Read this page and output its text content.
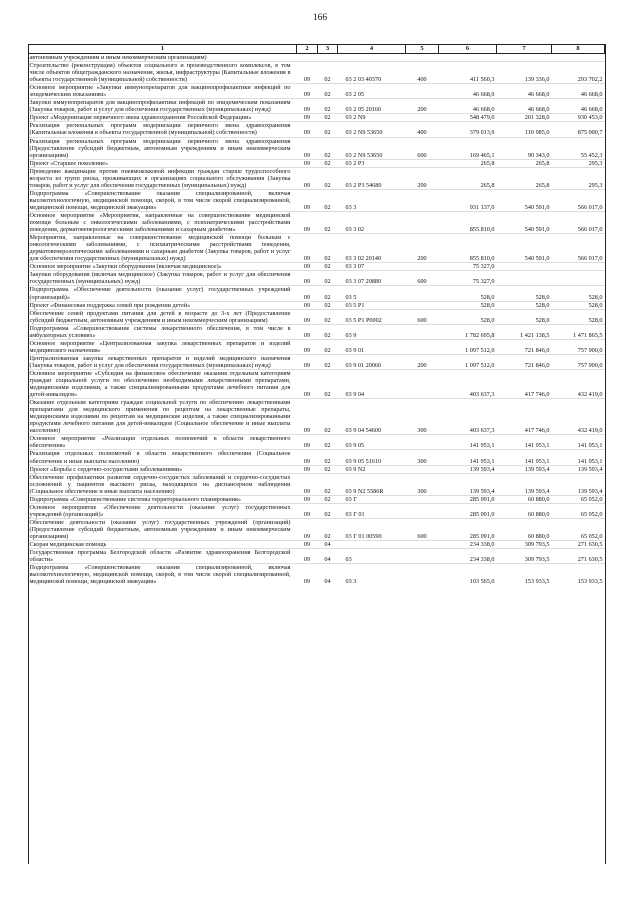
166
1	2	3	4	5	6	7	8
автономным учреждениям и иным некоммерческим организациям)							
Строительство (реконструкция) объектов социального и производственного комплексов, в том числе объектов общегражданского назначения, жилья, инфраструктуры (Капитальные вложения в объекты государственной (муниципальной) собственности)	09	02	03 2 03 40370	400	411 560,3	139 336,0	293 702,2
Основное мероприятие «Закупки иммунопрепаратов для вакцинопрофилактики инфекций по эпидемическим показаниям»	09	02	03 2 05		46 668,0	46 668,0	46 668,0
Закупки иммунопрепаратов для вакцинопрофилактики инфекций по эпидемическим показаниям (Закупка товаров, работ и услуг для обеспечения государственных (муниципальных) нужд)	09	02	03 2 05 20160	200	46 668,0	46 668,0	46 668,0
Проект «Модернизация первичного звена здравоохранения Российской Федерации»	09	02	03 2 N9		548 479,0	201 328,0	930 453,0
Реализация региональных программ модернизации первичного звена здравоохранения (Капитальные вложения в объекты государственной (муниципальной) собственности)	09	02	03 2 N9 53650	400	379 013,9	110 985,0	875 000,7
Реализация региональных программ модернизации первичного звена здравоохранения (Предоставление субсидий бюджетным, автономным учреждениям и иным некоммерческим организациям)	09	02	03 2 N9 53650	600	169 465,1	90 343,0	55 452,3
Проект «Старшее поколение»	09	02	03 2 P3		265,8	265,8	295,3
Проведение вакцинации против пневмококковой инфекции граждан старше трудоспособного возраста из групп риска, проживающих в организациях социального обслуживания (Закупка товаров, работ и услуг для обеспечения государственных (муниципальных) нужд)	09	02	03 2 P3 54680	200	265,8	265,8	295,3
Подпрограмма «Совершенствование оказания специализированной, включая высокотехнологичную, медицинской помощи, скорой, в том числе скорой специализированной, медицинской помощи, медицинской эвакуации»	09	02	03 3		931 137,0	540 591,0	566 017,0
Основное мероприятие «Мероприятия, направленные на совершенствование медицинской помощи больным с онкологическими заболеваниями, с психиатрическими расстройствами поведения, дерматовенерологическими заболеваниями и сахарным диабетом»	09	02	03 3 02		855 810,0	540 591,0	566 017,0
Мероприятия, направленные на совершенствование медицинской помощи больным с онкологическими заболеваниями, с психиатрическими расстройствами поведения, дерматовенерологическими заболеваниями и сахарным диабетом (Закупка товаров, работ и услуг для обеспечения государственных (муниципальных) нужд)	09	02	03 3 02 20140	200	855 810,0	540 591,0	566 017,0
Основное мероприятие «Закупки оборудования (включая медицинское)»	09	02	03 3 07		75 327,0		
Закупки оборудования (включая медицинское) (Закупка товаров, работ и услуг для обеспечения государственных (муниципальных) нужд)	09	02	03 3 07 20880	600	75 327,0		
Подпрограмма «Обеспечение деятельности (оказание услуг) государственных учреждений (организаций)»	09	02	03 5		528,0	528,0	528,0
Проект «Финансовая поддержка семей при рождении детей»	09	02	03 5 P1		528,0	528,0	528,0
Обеспечение семей продуктами питания для детей в возрасте до 3-х лет (Предоставление субсидий бюджетным, автономным учреждениям и иным некоммерческим организациям)	09	02	03 5 P1 P0002	600	528,0	528,0	528,0
Подпрограмма «Совершенствование системы лекарственного обеспечения, в том числе в амбулаторных условиях»	09	02	03 9		1 782 695,8	1 421 138,5	1 471 865,5
Основное мероприятие «Централизованная закупка лекарственных препаратов и изделий медицинского назначения»	09	02	03 9 01		1 097 512,0	721 846,0	757 900,0
Централизованная закупка лекарственных препаратов и изделий медицинского назначения (Закупка товаров, работ и услуг для обеспечения государственных (муниципальных) нужд)	09	02	03 9 01 20060	200	1 097 512,0	721 846,0	757 900,0
Основное мероприятие «Субсидия на финансовое обеспечение оказания отдельным категориям граждан социальной услуги по обеспечению необходимыми лекарственными препаратами, медицинскими изделиями, а также специализированными продуктами лечебного питания для детей-инвалидов»	09	02	03 9 04		403 637,3	417 746,0	432 419,0
Оказание отдельным категориям граждан социальной услуги по обеспечению лекарственными препаратами для медицинского применения по рецептам на лекарственные препараты, медицинскими изделиями по рецептам на медицинские изделия, а также специализированными продуктами лечебного питания для детей-инвалидов (Социальное обеспечение и иные выплаты населению)	09	02	03 9 04 54600	300	403 637,3	417 746,0	432 419,0
Основное мероприятие «Реализация отдельных полномочий в области лекарственного обеспечения»	09	02	03 9 05		141 953,1	141 953,1	141 953,1
Реализация отдельных полномочий в области лекарственного обеспечения (Социальное обеспечение и иные выплаты населению)	09	02	03 9 05 51610	300	141 953,1	141 953,1	141 953,1
Проект «Борьба с сердечно-сосудистыми заболеваниями»	09	02	03 9 N2		139 593,4	139 593,4	139 593,4
Обеспечение профилактики развития сердечно-сосудистых заболеваний и сердечно-сосудистых осложнений у пациентов высокого риска, находящихся на диспансерном наблюдении (Социальное обеспечение и иные выплаты населению)	09	02	03 9 N2 5586R	300	139 593,4	139 593,4	139 593,4
Подпрограмма «Совершенствование системы территориального планирования»	09	02	03 Г		285 091,0	60 880,0	65 052,0
Основное мероприятие «Обеспечение деятельности (оказание услуг) государственных учреждений (организаций)»	09	02	03 Г 01		285 091,0	60 880,0	65 052,0
Обеспечение деятельности (оказание услуг) государственных учреждений (организаций) (Предоставление субсидий бюджетным, автономным учреждениям и иным некоммерческим организациям)	09	02	03 Г 01 00590	600	285 091,0	60 880,0	65 052,0
Скорая медицинская помощь	09	04			234 338,0	309 793,5	271 630,5
Государственная программа Белгородской области «Развитие здравоохранения Белгородской области»	09	04	03		234 338,0	309 793,5	271 630,5
Подпрограмма «Совершенствование оказания специализированной, включая высокотехнологичную, медицинской помощи, скорой, в том числе скорой специализированной, медицинской помощи, медицинской эвакуации»	09	04	03 3		103 565,0	153 933,5	153 933,5
